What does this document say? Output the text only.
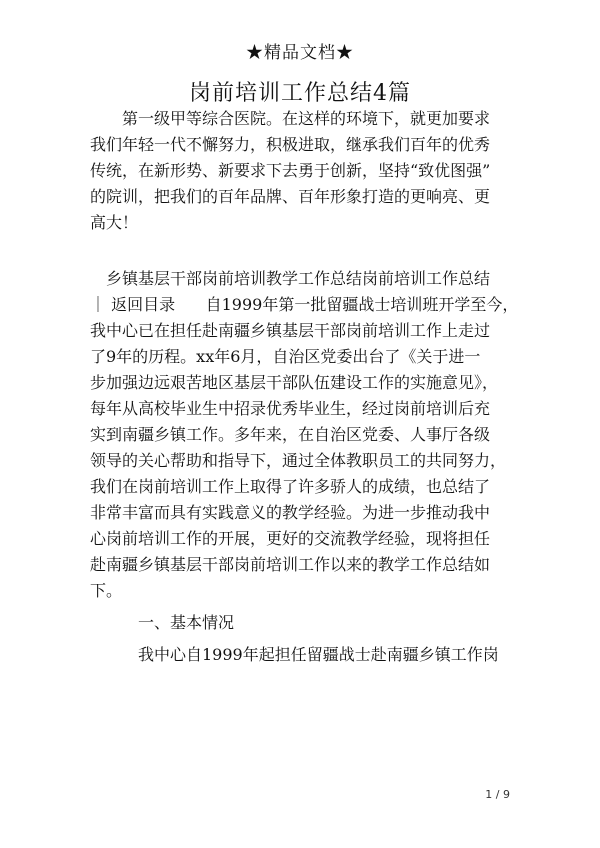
★精品文档★
岗前培训工作总结4篇
第一级甲等综合医院。在这样的环境下，就更加要求
我们年轻一代不懈努力，积极进取，继承我们百年的优秀
传统，在新形势、新要求下去勇于创新，坚持“致优图强”
的院训，把我们的百年品牌、百年形象打造的更响亮、更
高大！
乡镇基层干部岗前培训教学工作总结岗前培训工作总结
｜ 返回目录      自1999年第一批留疆战士培训班开学至今，
我中心已在担任赴南疆乡镇基层干部岗前培训工作上走过
了9年的历程。xx年6月，自治区党委出台了《关于进一
步加强边远艰苦地区基层干部队伍建设工作的实施意见》，
每年从高校毕业生中招录优秀毕业生，经过岗前培训后充
实到南疆乡镇工作。多年来，在自治区党委、人事厅各级
领导的关心帮助和指导下，通过全体教职员工的共同努力，
我们在岗前培训工作上取得了许多骄人的成绩，也总结了
非常丰富而具有实践意义的教学经验。为进一步推动我中
心岗前培训工作的开展，更好的交流教学经验，现将担任
赴南疆乡镇基层干部岗前培训工作以来的教学工作总结如
下。
一、基本情况
我中心自1999年起担任留疆战士赴南疆乡镇工作岗
1 / 9
